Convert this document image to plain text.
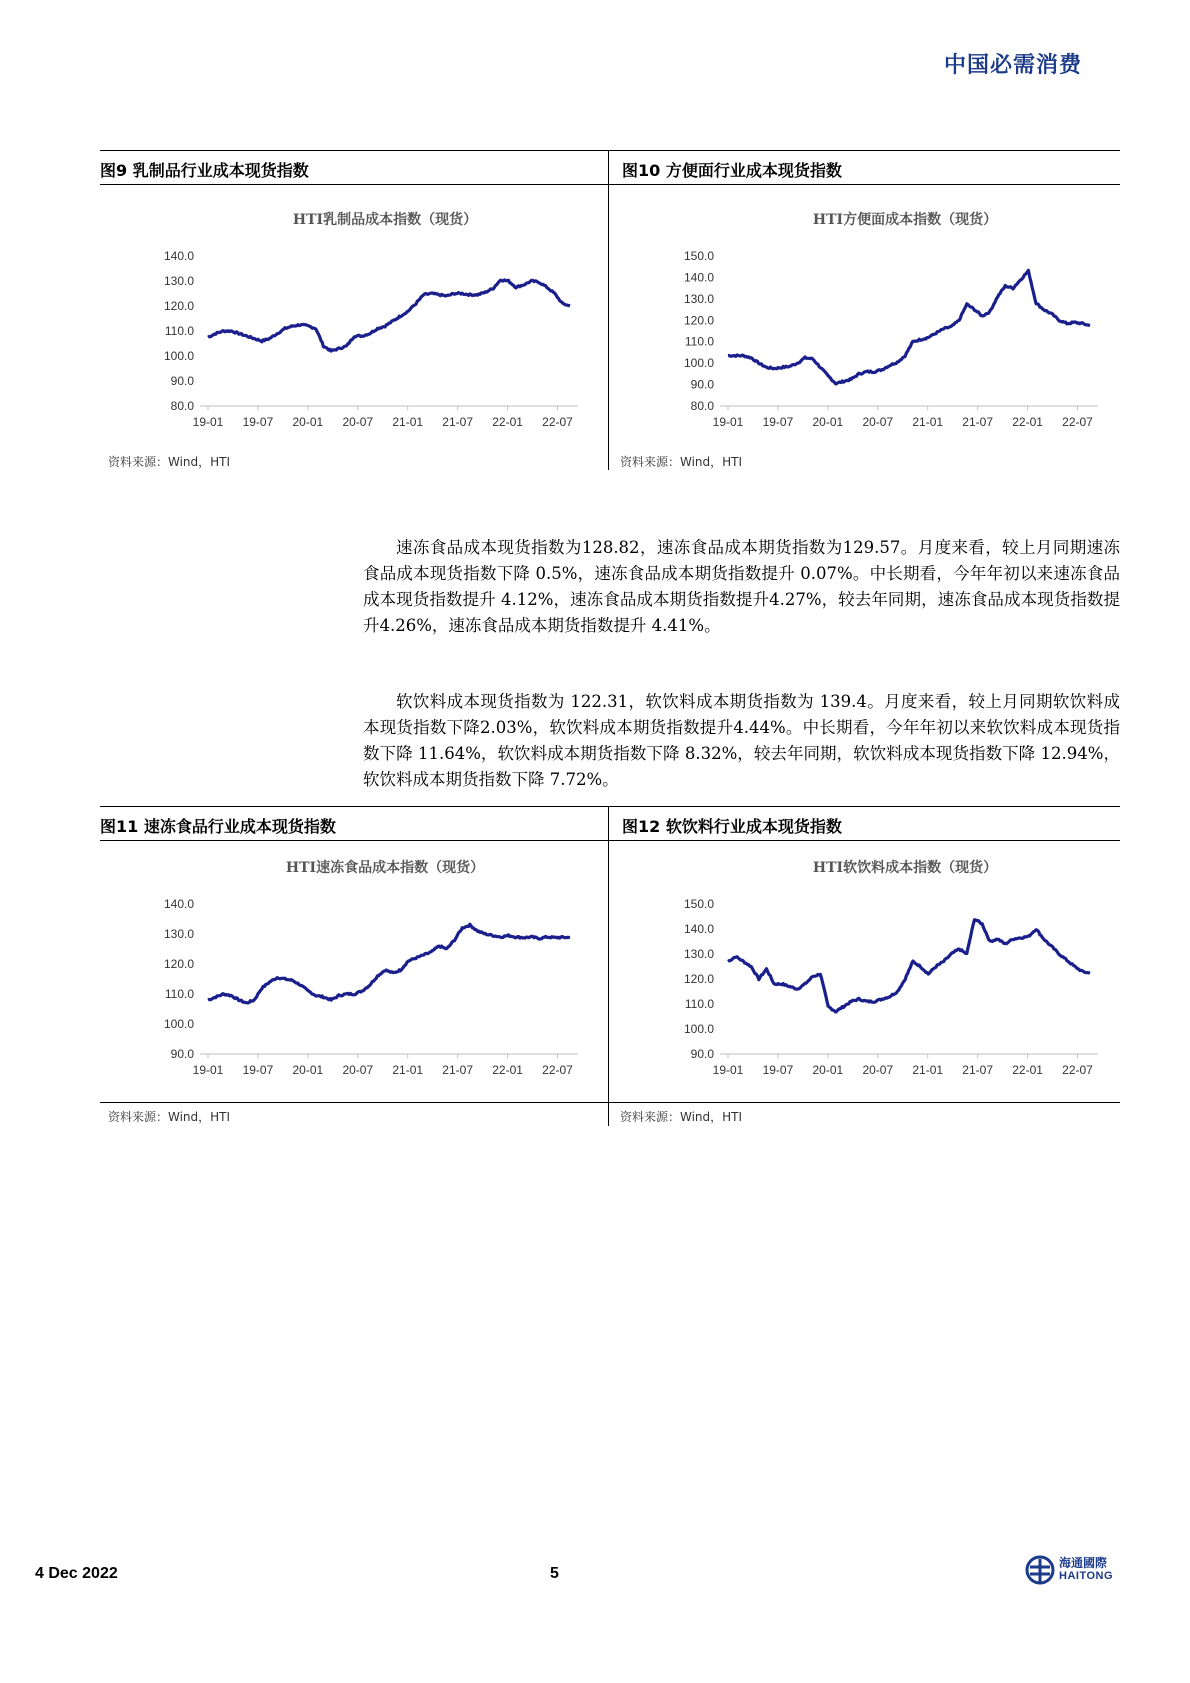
中国必需消费
图9 乳制品行业成本现货指数	图10 方便面行业成本现货指数
HTI乳制品成本指数（现货）
80.0
90.0
100.0
110.0
120.0
130.0
140.0
19-01 19-07 20-01 20-07 21-01 21-07 22-01 22-07
HTI方便面成本指数（现货）
80.0
90.0
100.0
110.0
120.0
130.0
140.0
150.0
19-01 19-07 20-01 20-07 21-01 21-07 22-01 22-07
资料来源：Wind，HTI	资料来源：Wind，HTI
速冻食品成本现货指数为128.82，速冻食品成本期货指数为129.57。月度来看，较上月同期速冻食品成本现货指数下降 0.5%，速冻食品成本期货指数提升 0.07%。中长期看，今年年初以来速冻食品成本现货指数提升 4.12%，速冻食品成本期货指数提升4.27%，较去年同期，速冻食品成本现货指数提升4.26%，速冻食品成本期货指数提升 4.41%。
软饮料成本现货指数为 122.31，软饮料成本期货指数为 139.4。月度来看，较上月同期软饮料成本现货指数下降2.03%，软饮料成本期货指数提升4.44%。中长期看，今年年初以来软饮料成本现货指数下降 11.64%，软饮料成本期货指数下降 8.32%，较去年同期，软饮料成本现货指数下降 12.94%，软饮料成本期货指数下降 7.72%。
图11 速冻食品行业成本现货指数	图12 软饮料行业成本现货指数
HTI速冻食品成本指数（现货）
90.0
100.0
110.0
120.0
130.0
140.0
19-01 19-07 20-01 20-07 21-01 21-07 22-01 22-07
HTI软饮料成本指数（现货）
90.0
100.0
110.0
120.0
130.0
140.0
150.0
19-01 19-07 20-01 20-07 21-01 21-07 22-01 22-07
资料来源：Wind，HTI	资料来源：Wind，HTI
4 Dec 2022	5
海通國際
HAITONG
